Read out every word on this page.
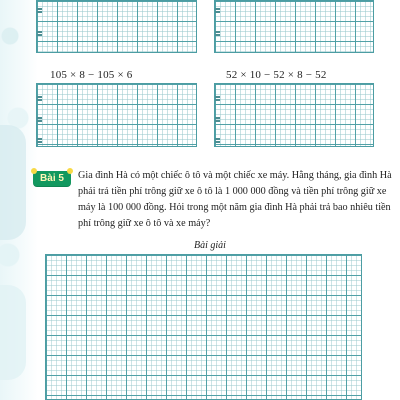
105 × 8 − 105 × 6	52 × 10 − 52 × 8 − 52
Bài 5	Gia đình Hà có một chiếc ô tô và một chiếc xe máy. Hằng tháng, gia đình Hà
phải trả tiền phí trông giữ xe ô tô là 1 000 000 đồng và tiền phí trông giữ xe
máy là 100 000 đồng. Hỏi trong một năm gia đình Hà phải trả bao nhiêu tiền
phí trông giữ xe ô tô và xe máy?
Bài giải
